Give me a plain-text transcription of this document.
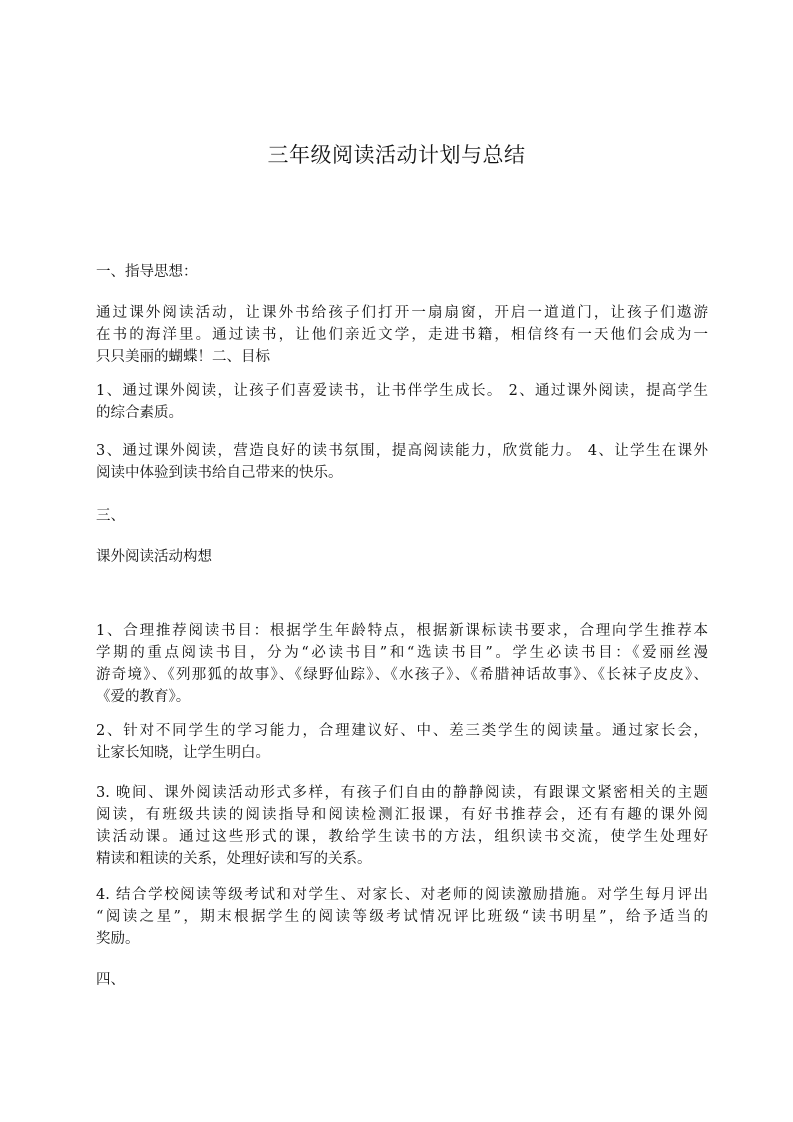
三年级阅读活动计划与总结
一、指导思想：
通过课外阅读活动，让课外书给孩子们打开一扇扇窗，开启一道道门，让孩子们遨游
在书的海洋里。通过读书，让他们亲近文学，走进书籍，相信终有一天他们会成为一
只只美丽的蝴蝶！二、目标
1、通过课外阅读，让孩子们喜爱读书，让书伴学生成长。 2、通过课外阅读，提高学生
的综合素质。
3、通过课外阅读，营造良好的读书氛围，提高阅读能力，欣赏能力。 4、让学生在课外
阅读中体验到读书给自己带来的快乐。
三、
课外阅读活动构想
1、合理推荐阅读书目：根据学生年龄特点，根据新课标读书要求，合理向学生推荐本
学期的重点阅读书目，分为“必读书目”和“选读书目”。学生必读书目：《爱丽丝漫
游奇境》、《列那狐的故事》、《绿野仙踪》、《水孩子》、《希腊神话故事》、《长袜子皮皮》、
《爱的教育》。
2、针对不同学生的学习能力，合理建议好、中、差三类学生的阅读量。通过家长会，
让家长知晓，让学生明白。
3. 晚间、课外阅读活动形式多样，有孩子们自由的静静阅读，有跟课文紧密相关的主题
阅读，有班级共读的阅读指导和阅读检测汇报课，有好书推荐会，还有有趣的课外阅
读活动课。通过这些形式的课，教给学生读书的方法，组织读书交流，使学生处理好
精读和粗读的关系，处理好读和写的关系。
4. 结合学校阅读等级考试和对学生、对家长、对老师的阅读激励措施。对学生每月评出
“阅读之星”，期末根据学生的阅读等级考试情况评比班级“读书明星”，给予适当的
奖励。
四、
